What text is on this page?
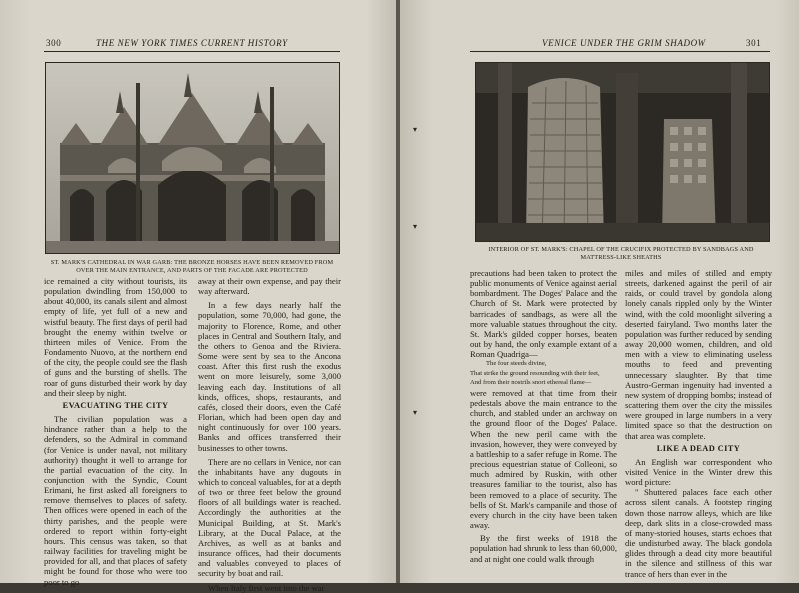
300	THE NEW YORK TIMES CURRENT HISTORY
ST. MARK'S CATHEDRAL IN WAR GARB: THE BRONZE HORSES HAVE BEEN REMOVED FROM OVER THE MAIN ENTRANCE, AND PARTS OF THE FACADE ARE PROTECTED

ice remained a city without tourists, its population dwindling from 150,000 to about 40,000, its canals silent and almost empty of life, yet full of a new and wistful beauty. The first days of peril had brought the enemy within twelve or thirteen miles of Venice. From the Fondamento Nuovo, at the northern end of the city, the people could see the flash of guns and the bursting of shells. The roar of guns disturbed their work by day and their sleep by night.

EVACUATING THE CITY

The civilian population was a hindrance rather than a help to the defenders, so the Admiral in command (for Venice is under naval, not military authority) thought it well to arrange for the partial evacuation of the city. In conjunction with the Syndic, Count Erimani, he first asked all foreigners to remove themselves to places of safety. Then offices were opened in each of the thirty parishes, and the people were ordered to report within forty-eight hours. This census was taken, so that railway facilities for traveling might be provided for all, and that places of safety might be found for those who were too poor to go

away at their own expense, and pay their way afterward.

In a few days nearly half the population, some 70,000, had gone, the majority to Florence, Rome, and other places in Central and Southern Italy, and the others to Genoa and the Riviera. Some were sent by sea to the Ancona coast. After this first rush the exodus went on more leisurely, some 3,000 leaving each day. Institutions of all kinds, offices, shops, restaurants, and cafés, closed their doors, even the Café Florian, which had been open day and night continuously for over 100 years. Banks and offices transferred their businesses to other towns.

There are no cellars in Venice, nor can the inhabitants have any dugouts in which to conceal valuables, for at a depth of two or three feet below the ground floors of all buildings water is reached. Accordingly the authorities at the Municipal Building, at St. Mark's Library, at the Ducal Palace, at the Archives, as well as at banks and insurance offices, had their documents and valuables conveyed to places of security by boat and rail.

When Italy first went into the war

VENICE UNDER THE GRIM SHADOW	301
▾
▾
▾
INTERIOR OF ST. MARK'S: CHAPEL OF THE CRUCIFIX PROTECTED BY SANDBAGS AND MATTRESS-LIKE SHEATHS

precautions had been taken to protect the public monuments of Venice against aerial bombardment. The Doges' Palace and the Church of St. Mark were protected by barricades of sandbags, as were all the more valuable statues throughout the city. St. Mark's gilded copper horses, beaten out by hand, the only example extant of a Roman Quadriga—

The four steeds divine,

That strike the ground resounding with their feet,

And from their nostrils snort ethereal flame—

were removed at that time from their pedestals above the main entrance to the church, and stabled under an archway on the ground floor of the Doges' Palace. When the new peril came with the invasion, however, they were conveyed by a battleship to a safer refuge in Rome. The precious equestrian statue of Colleoni, so much admired by Ruskin, with other treasures familiar to the tourist, also has been removed to a place of security. The bells of St. Mark's campanile and those of every church in the city have been taken away.

By the first weeks of 1918 the population had shrunk to less than 60,000, and at night one could walk through

miles and miles of stilled and empty streets, darkened against the peril of air raids, or could travel by gondola along lonely canals rippled only by the Winter wind, with the cold moonlight silvering a deserted fairyland. Two months later the population was further reduced by sending away 20,000 women, children, and old men with a view to eliminating useless mouths to feed and preventing unnecessary slaughter. By that time Austro-German ingenuity had invented a new system of dropping bombs; instead of scattering them over the city the missiles were grouped in large numbers in a very limited space so that the destruction on that area was complete.

LIKE A DEAD CITY

An English war correspondent who visited Venice in the Winter drew this word picture:

" Shuttered palaces face each other across silent canals. A footstep ringing down those narrow alleys, which are like deep, dark slits in a close-crowded mass of many-storied houses, starts echoes that die undisturbed away. The black gondola glides through a dead city more beautiful in the silence and stillness of this war trance of hers than ever in the
